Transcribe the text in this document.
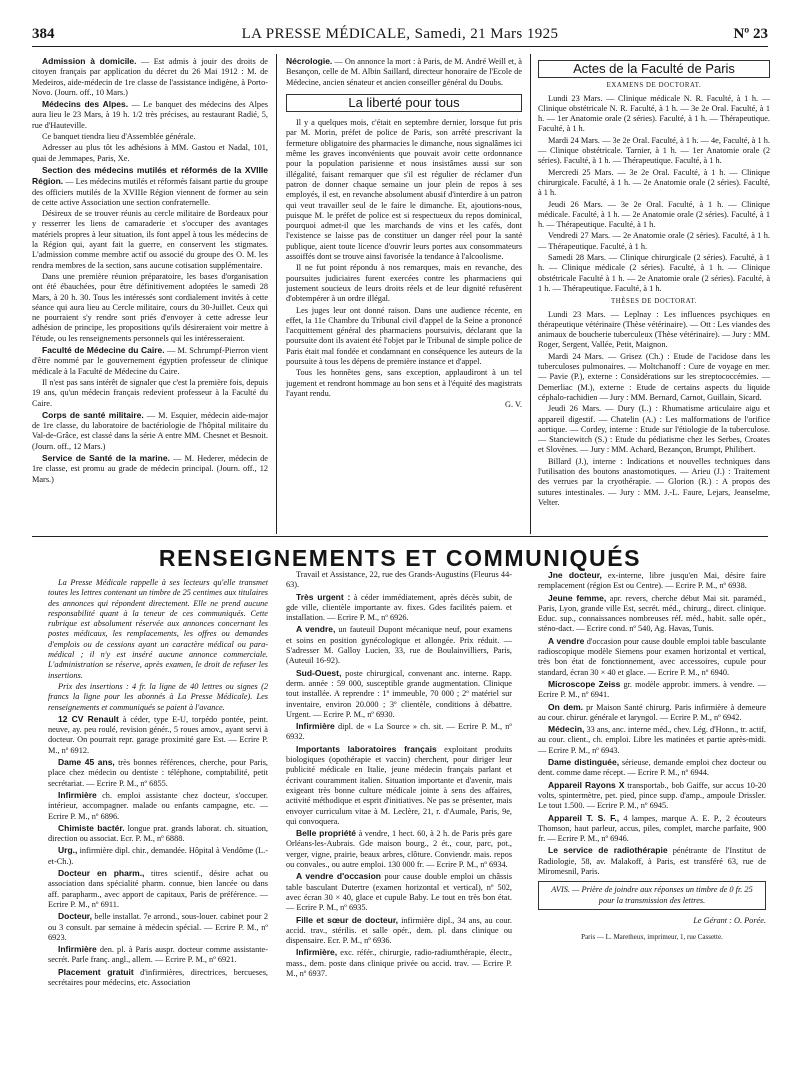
384	LA PRESSE MÉDICALE, Samedi, 21 Mars 1925	Nº 23

Admission à domicile. — Est admis à jouir des droits de citoyen français par application du décret du 26 Mai 1912 : M. de Medeiros, aide-médecin de 1re classe de l'assistance indigène, à Porto-Novo. (Journ. off., 10 Mars.)

Médecins des Alpes. — Le banquet des médecins des Alpes aura lieu le 23 Mars, à 19 h. 1/2 très précises, au restaurant Radié, 5, rue d'Hauteville.

Ce banquet tiendra lieu d'Assemblée générale.

Adresser au plus tôt les adhésions à MM. Gastou et Nadal, 101, quai de Jemmapes, Paris, Xe.

Section des médecins mutilés et réformés de la XVIIIe Région. — Les médecins mutilés et réformés faisant partie du groupe des officiers mutilés de la XVIIIe Région viennent de former au sein de cette active Association une section confraternelle.

Désireux de se trouver réunis au cercle militaire de Bordeaux pour y resserrer les liens de camaraderie et s'occuper des avantages matériels propres à leur situation, ils font appel à tous les médecins de la Région qui, ayant fait la guerre, en conservent les stigmates. L'admission comme membre actif ou associé du groupe des O. M. les rendra membres de la section, sans aucune cotisation supplémentaire.

Dans une première réunion préparatoire, les bases d'organisation ont été ébauchées, pour être définitivement adoptées le samedi 28 Mars, à 20 h. 30. Tous les intéressés sont cordialement invités à cette séance qui aura lieu au Cercle militaire, cours du 30-Juillet. Ceux qui ne pourraient s'y rendre sont priés d'envoyer à cette adresse leur adhésion de principe, les propositions qu'ils désireraient voir mettre à l'étude, ou les renseignements personnels qui les intéresseraient.

Faculté de Médecine du Caire. — M. Schrumpf-Pierron vient d'être nommé par le gouvernement égyptien professeur de clinique médicale à la Faculté de Médecine du Caire.

Il n'est pas sans intérêt de signaler que c'est la première fois, depuis 19 ans, qu'un médecin français redevient professeur à la Faculté du Caire.

Corps de santé militaire. — M. Esquier, médecin aide-major de 1re classe, du laboratoire de bactériologie de l'hôpital militaire du Val-de-Grâce, est classé dans la série A entre MM. Chesnet et Besnoit. (Journ. off., 12 Mars.)

Service de Santé de la marine. — M. Hederer, médecin de 1re classe, est promu au grade de médecin principal. (Journ. off., 12 Mars.)

Nécrologie. — On annonce la mort : à Paris, de M. André Weill et, à Besançon, celle de M. Albin Saillard, directeur honoraire de l'Ecole de Médecine, ancien sénateur et ancien conseiller général du Doubs.

La liberté pour tous

Il y a quelques mois, c'était en septembre dernier, lorsque fut pris par M. Morin, préfet de police de Paris, son arrêté prescrivant la fermeture obligatoire des pharmacies le dimanche, nous signalâmes ici même les graves inconvénients que pouvait avoir cette ordonnance pour la population parisienne et nous insistâmes aussi sur son illégalité, faisant remarquer que s'il est régulier de réclamer d'un patron de donner chaque semaine un jour plein de repos à ses employés, il est, en revanche absolument abusif d'interdire à un patron qui veut travailler seul de le faire le dimanche. Et, ajoutions-nous, puisque M. le préfet de police est si respectueux du repos dominical, pourquoi admet-il que les marchands de vins et les cafés, dont l'existence se laisse pas de constituer un danger réel pour la santé publique, aient toute licence d'ouvrir leurs portes aux consommateurs assoiffés dont se trouve ainsi favorisée la tendance à l'alcoolisme.

Il ne fut point répondu à nos remarques, mais en revanche, des poursuites judiciaires furent exercées contre les pharmaciens qui justement soucieux de leurs droits réels et de leur dignité refusèrent d'obtempérer à un ordre illégal.

Les juges leur ont donné raison. Dans une audience récente, en effet, la 11e Chambre du Tribunal civil d'appel de la Seine a prononcé l'acquittement général des pharmaciens poursuivis, déclarant que la poursuite dont ils avaient été l'objet par le Tribunal de simple police de Paris était mal fondée et condamnant en conséquence les auteurs de la poursuite à tous les dépens de première instance et d'appel.

Tous les honnêtes gens, sans exception, applaudiront à un tel jugement et rendront hommage au bon sens et à l'équité des magistrats l'ayant rendu.

G. V.
Actes de la Faculté de Paris
EXAMENS DE DOCTORAT.

Lundi 23 Mars. — Clinique médicale N. R. Faculté, à 1 h. — Clinique obstétricale N. R. Faculté, à 1 h. — 3e 2e Oral. Faculté, à 1 h. — 1er Anatomie orale (2 séries). Faculté, à 1 h. — Thérapeutique. Faculté, à 1 h.

Mardi 24 Mars. — 3e 2e Oral. Faculté, à 1 h. — 4e, Faculté, à 1 h. — Clinique obstétricale. Tarnier, à 1 h. — 1er Anatomie orale (2 séries). Faculté, à 1 h. — Thérapeutique. Faculté, à 1 h.

Mercredi 25 Mars. — 3e 2e Oral. Faculté, à 1 h. — Clinique chirurgicale. Faculté, à 1 h. — 2e Anatomie orale (2 séries). Faculté, à 1 h.

Jeudi 26 Mars. — 3e 2e Oral. Faculté, à 1 h. — Clinique médicale. Faculté, à 1 h. — 2e Anatomie orale (2 séries). Faculté, à 1 h. — Thérapeutique. Faculté, à 1 h.

Vendredi 27 Mars. — 2e Anatomie orale (2 séries). Faculté, à 1 h. — Thérapeutique. Faculté, à 1 h.

Samedi 28 Mars. — Clinique chirurgicale (2 séries). Faculté, à 1 h. — Clinique médicale (2 séries). Faculté, à 1 h. — Clinique obstétricale Faculté à 1 h. — 2e Anatomie orale (2 séries). Faculté, à 1 h. — Thérapeutique. Faculté, à 1 h.

THÈSES DE DOCTORAT.

Lundi 23 Mars. — Leplnay : Les influences psychiques en thérapeutique vétérinaire (Thèse vétérinaire). — Ott : Les viandes des animaux de boucherie tuberculeux (Thèse vétérinaire). — Jury : MM. Roger, Sergent, Vallée, Petit, Maignon.

Mardi 24 Mars. — Grisez (Ch.) : Etude de l'acidose dans les tuberculoses pulmonaires. — Moltchanoff : Cure de voyage en mer. — Pavie (P.), externe : Considérations sur les streptococcémies. — Demerliac (M.), externe : Etude de certains aspects du liquide céphalo-rachidien — Jury : MM. Bernard, Carnot, Guillain, Sicard.

Jeudi 26 Mars. — Dury (L.) : Rhumatisme articulaire aigu et appareil digestif. — Chatelin (A.) : Les malformations de l'orifice aortique. — Cordey, interne : Etude sur l'étiologie de la tuberculose. — Stanciewitch (S.) : Etude du pédiatisme chez les Serbes, Croates et Slovènes. — Jury : MM. Achard, Bezançon, Brumpt, Philibert.

Billard (J.), interne : Indications et nouvelles techniques dans l'utilisation des boutons anastomotiques. — Arieu (J.) : Traitement des verrues par la cryothérapie. — Glorion (R.) : A propos des sutures intestinales. — Jury : MM. J.-L. Faure, Lejars, Jeanselme, Velter.

RENSEIGNEMENTS ET COMMUNIQUÉS

La Presse Médicale rappelle à ses lecteurs qu'elle transmet toutes les lettres contenant un timbre de 25 centimes aux titulaires des annonces qui répondent directement. Elle ne prend aucune responsabilité quant à la teneur de ces communiqués. Cette rubrique est absolument réservée aux annonces concernant les postes médicaux, les remplacements, les offres ou demandes d'emplois ou de cessions ayant un caractère médical ou para-médical ; il n'y est inséré aucune annonce commerciale. L'administration se réserve, après examen, le droit de refuser les insertions.

Prix des insertions : 4 fr. la ligne de 40 lettres ou signes (2 francs la ligne pour les abonnés à La Presse Médicale). Les renseignements et communiqués se paient à l'avance.

12 CV Renault à céder, type E-U, torpédo pontée, peint. neuve, ay. peu roulé, revision génér., 5 roues amov., ayant servi à docteur. On pourrait repr. garage proximité gare Est. — Ecrire P. M., nº 6912.

Dame 45 ans, très bonnes références, cherche, pour Paris, place chez médecin ou dentiste : téléphone, comptabilité, petit secrétariat. — Ecrire P. M., nº 6855.

Infirmière ch. emploi assistante chez docteur, s'occuper. intérieur, accompagner. malade ou enfants campagne, etc. — Ecrire P. M., nº 6896.

Chimiste bactér. longue prat. grands laborat. ch. situation, direction ou associat. Ecr. P. M., nº 6888.

Urg., infirmière dipl. chir., demandée. Hôpital à Vendôme (L.-et-Ch.).

Docteur en pharm., titres scientif., désire achat ou association dans spécialité pharm. connue, bien lancée ou dans aff. parapharm., avec apport de capitaux, Paris de préférence. — Ecrire P. M., nº 6911.

Docteur, belle installat. 7e arrond., sous-louer. cabinet pour 2 ou 3 consult. par semaine à médecin spécial. — Ecrire P. M., nº 6923.

Infirmière den. pl. à Paris auspr. docteur comme assistante-secrét. Parle franç. angl., allem. — Ecrire P. M., nº 6921.

Placement gratuit d'infirmières, directrices, bercueses, secrétaires pour médecins, etc. Association

Travail et Assistance, 22, rue des Grands-Augustins (Fleurus 44-63).

Très urgent : à céder immédiatement, après décès subit, de gde ville, clientèle importante av. fixes. Gdes facilités paiem. et installation. — Ecrire P. M., nº 6926.

A vendre, un fauteuil Dupont mécanique neuf, pour examens et soins en position gynécologique et allongée. Prix réduit. — S'adresser M. Galloy Lucien, 33, rue de Boulainvilliers, Paris, (Auteuil 16-92).

Sud-Ouest, poste chirurgical, convenant anc. interne. Rapp. derm. année : 59 000, susceptible grande augmentation. Clinique tout installée. A reprendre : 1º immeuble, 70 000 ; 2º matériel sur inventaire, environ 20.000 ; 3º clientèle, conditions à débattre. Urgent. — Ecrire P. M., nº 6930.

Infirmière dipl. de « La Source » ch. sit. — Ecrire P. M., nº 6932.

Importants laboratoires français exploitant produits biologiques (opothérapie et vaccin) cherchent, pour diriger leur publicité médicale en Italie, jeune médecin français parlant et écrivant couramment italien. Situation importante et d'avenir, mais exigeant très bonne culture médicale jointe à sens des affaires, activité méthodique et esprit d'initiatives. Ne pas se présenter, mais envoyer curriculum vitae à M. Leclère, 21, r. d'Aumale, Paris, 9e, qui convoquera.

Belle propriété à vendre, 1 hect. 60, à 2 h. de Paris près gare Orléans-les-Aubrais. Gde maison bourg., 2 ét., cour, parc, pot., verger, vigne, prairie, beaux arbres, clôture. Conviendr. mais. repos ou convales., ou autre emploi. 130 000 fr. — Ecrire P. M., nº 6934.

A vendre d'occasion pour cause double emploi un châssis table basculant Dutertre (examen horizontal et vertical), nº 502, avec écran 30 × 40, glace et cupule Baby. Le tout en très bon état. — Ecrire P. M., nº 6935.

Fille et sœur de docteur, infirmière dipl., 34 ans, au cour. accid. trav., stérilis. et salle opér., dem. pl. dans clinique ou dispensaire. Ecr. P. M., nº 6936.

Infirmière, exc. référ., chirurgie, radio-radiumthérapie, électr., mass., dem. poste dans clinique privée ou accid. trav. — Ecrire P. M., nº 6937.

Jne docteur, ex-interne, libre jusqu'en Mai, désire faire remplacement (région Est ou Centre). — Ecrire P. M., nº 6938.

Jeune femme, apr. revers, cherche début Mai sit. paraméd., Paris, Lyon, grande ville Est, secrét. méd., chirurg., direct. clinique. Educ. sup., connaissances nombreuses réf. méd., habit. salle opér., sténo-dact. — Ecrire cond. nº 540, Ag. Havas, Tunis.

A vendre d'occasion pour cause double emploi table basculante radioscopique modèle Siemens pour examen horizontal et vertical, très bon état de fonctionnement, avec accessoires, cupule pour standard, écran 30 × 40 et glace. — Ecrire P. M., nº 6940.

Microscope Zeiss gr. modèle approbr. immers. à vendre. — Ecrire P. M., nº 6941.

On dem. pr Maison Santé chirurg. Paris infirmière à demeure au cour. chirur. générale et laryngol. — Ecrire P. M., nº 6942.

Médecin, 33 ans, anc. interne méd., chev. Lég. d'Honn., tr. actif, au cour. client., ch. emploi. Libre les matinées et partie après-midi. — Ecrire P. M., nº 6943.

Dame distinguée, sérieuse, demande emploi chez docteur ou dent. comme dame récept. — Ecrire P. M., nº 6944.

Appareil Rayons X transportab., bob Gaiffe, sur accus 10-20 volts, spintermètre, pet. pied, pince supp. d'amp., ampoule Drissler. Le tout 1.500. — Ecrire P. M., nº 6945.

Appareil T. S. F., 4 lampes, marque A. E. P., 2 écouteurs Thomson, haut parleur, accus, piles, complet, marche parfaite, 900 fr. — Ecrire P. M., nº 6946.

Le service de radiothérapie pénétrante de l'Institut de Radiologie, 58, av. Malakoff, à Paris, est transféré 63, rue de Miromesnil, Paris.

AVIS. — Prière de joindre aux réponses un timbre de 0 fr. 25 pour la transmission des lettres.
Le Gérant : O. Porée.
Paris — L. Maretheux, imprimeur, 1, rue Cassette.
